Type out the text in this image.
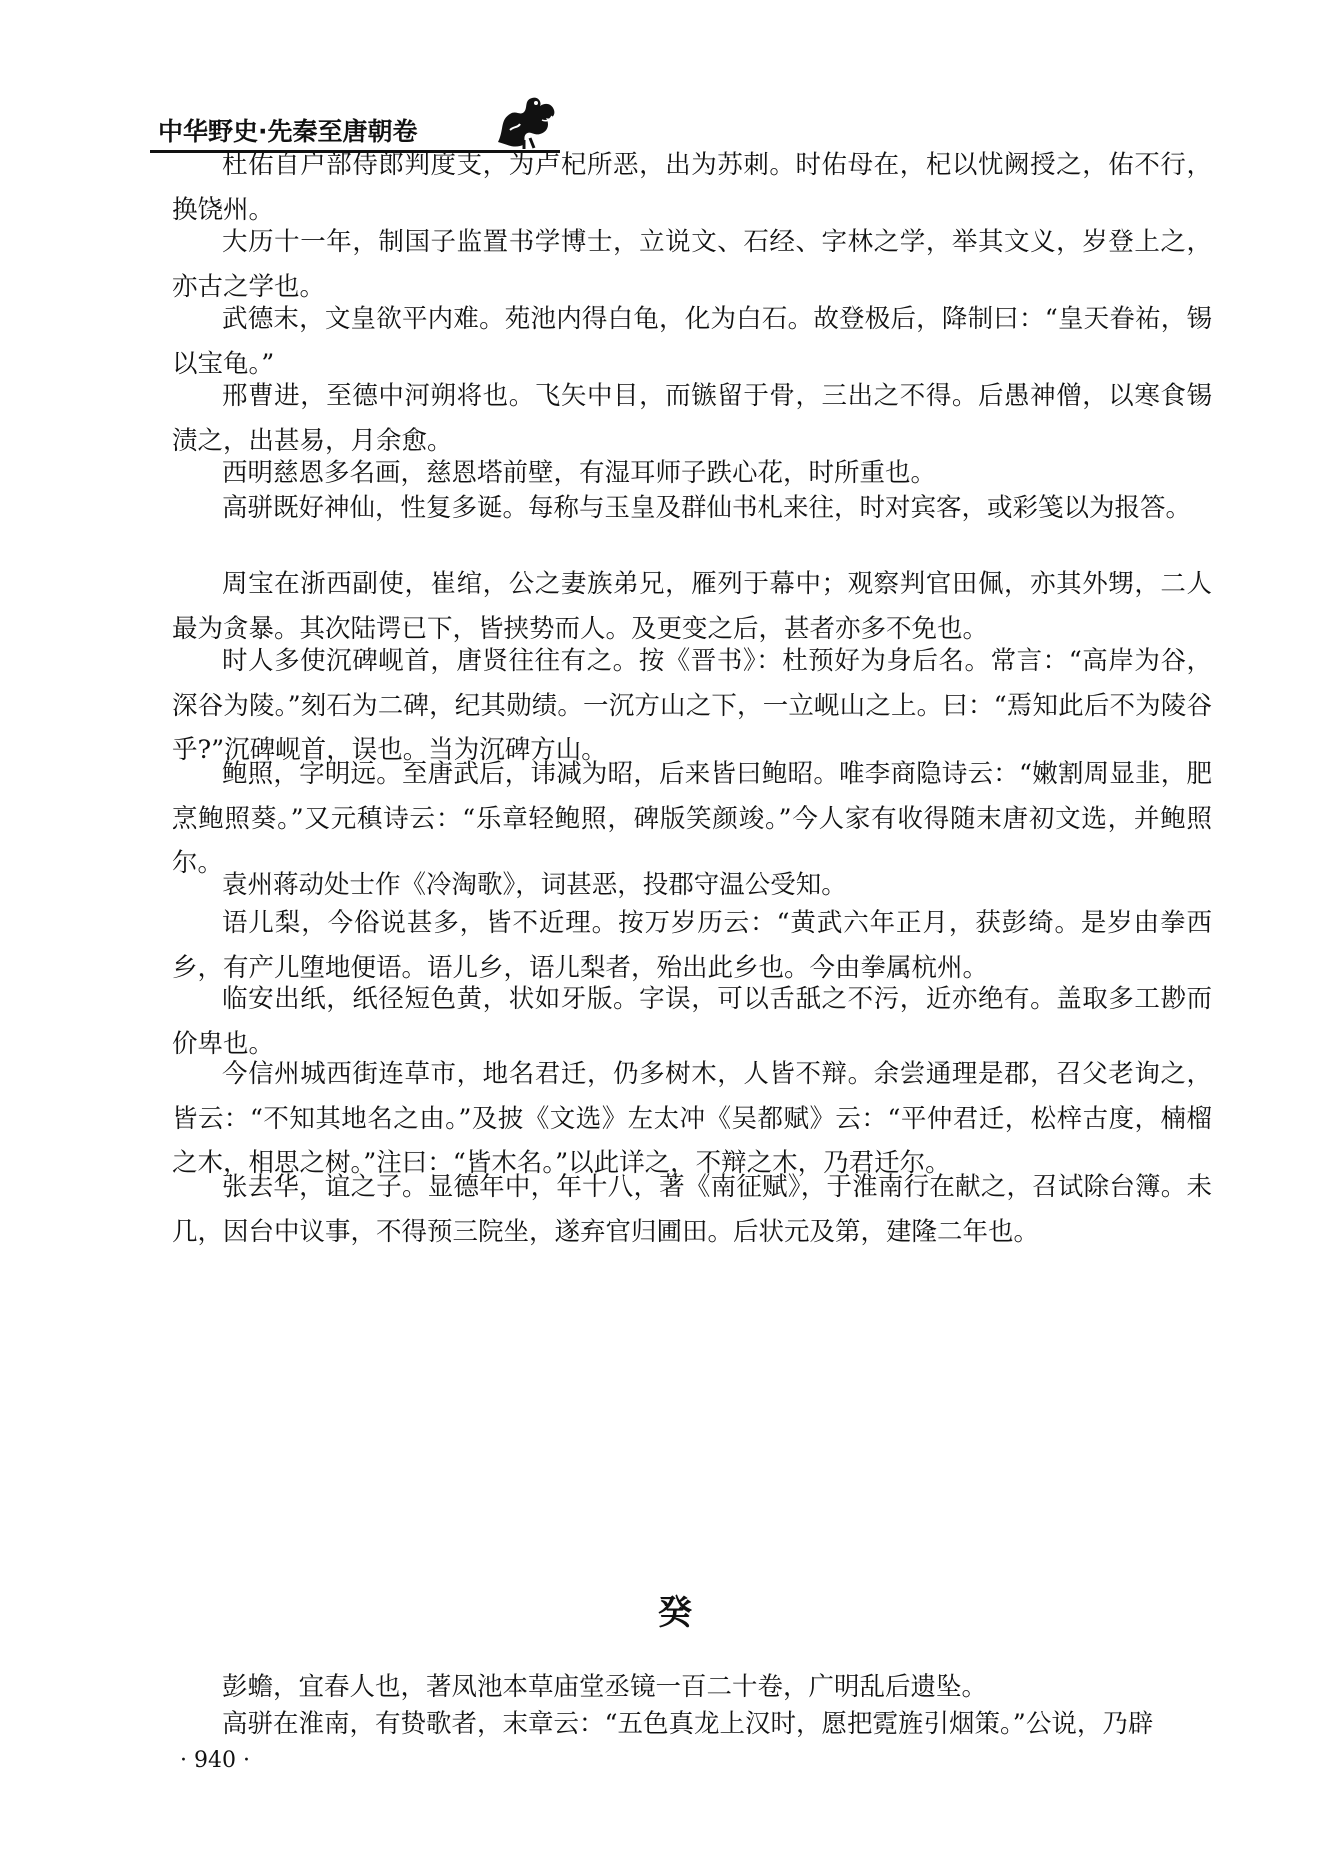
中华野史·先秦至唐朝卷

杜佑自户部侍郎判度支，为卢杞所恶，出为苏刺。时佑母在，杞以忧阙授之，佑不行，换饶州。

大历十一年，制国子监置书学博士，立说文、石经、字林之学，举其文义，岁登上之，亦古之学也。

武德末，文皇欲平内难。苑池内得白龟，化为白石。故登极后，降制曰：“皇天眷祐，锡以宝龟。”

邢曹进，至德中河朔将也。飞矢中目，而镞留于骨，三出之不得。后愚神僧，以寒食锡渍之，出甚易，月余愈。

西明慈恩多名画，慈恩塔前壁，有湿耳师子跌心花，时所重也。

高骈既好神仙，性复多诞。每称与玉皇及群仙书札来往，时对宾客，或彩笺以为报答。

周宝在浙西副使，崔绾，公之妻族弟兄，雁列于幕中；观察判官田佩，亦其外甥，二人最为贪暴。其次陆谔已下，皆挟势而人。及更变之后，甚者亦多不免也。

时人多使沉碑岘首，唐贤往往有之。按《晋书》：杜预好为身后名。常言：“高岸为谷，深谷为陵。”刻石为二碑，纪其勋绩。一沉方山之下，一立岘山之上。曰：“焉知此后不为陵谷乎?”沉碑岘首，误也。当为沉碑方山。

鲍照，字明远。至唐武后，讳减为昭，后来皆曰鲍昭。唯李商隐诗云：“嫩割周显韭，肥烹鲍照葵。”又元稹诗云：“乐章轻鲍照，碑版笑颜竣。”今人家有收得随末唐初文选，并鲍照尔。

袁州蒋动处士作《冷淘歌》，词甚恶，投郡守温公受知。

语儿梨，今俗说甚多，皆不近理。按万岁历云：“黄武六年正月，获彭绮。是岁由拳西乡，有产儿堕地便语。语儿乡，语儿梨者，殆出此乡也。今由拳属杭州。

临安出纸，纸径短色黄，状如牙版。字误，可以舌舐之不污，近亦绝有。盖取多工尠而价卑也。

今信州城西街连草市，地名君迁，仍多树木，人皆不辩。余尝通理是郡，召父老询之，皆云：“不知其地名之由。”及披《文选》左太冲《吴都赋》云：“平仲君迁，松梓古度，楠榴之木，相思之树。”注曰：“皆木名。”以此详之，不辩之木，乃君迁尔。

张去华，谊之子。显德年中，年十八，著《南征赋》，于淮南行在献之，召试除台簿。未几，因台中议事，不得预三院坐，遂弃官归圃田。后状元及第，建隆二年也。

癸

彭蟾，宜春人也，著凤池本草庙堂丞镜一百二十卷，广明乱后遗坠。

高骈在淮南，有贽歌者，末章云：“五色真龙上汉时，愿把霓旌引烟策。”公说，乃辟

· 940 ·
